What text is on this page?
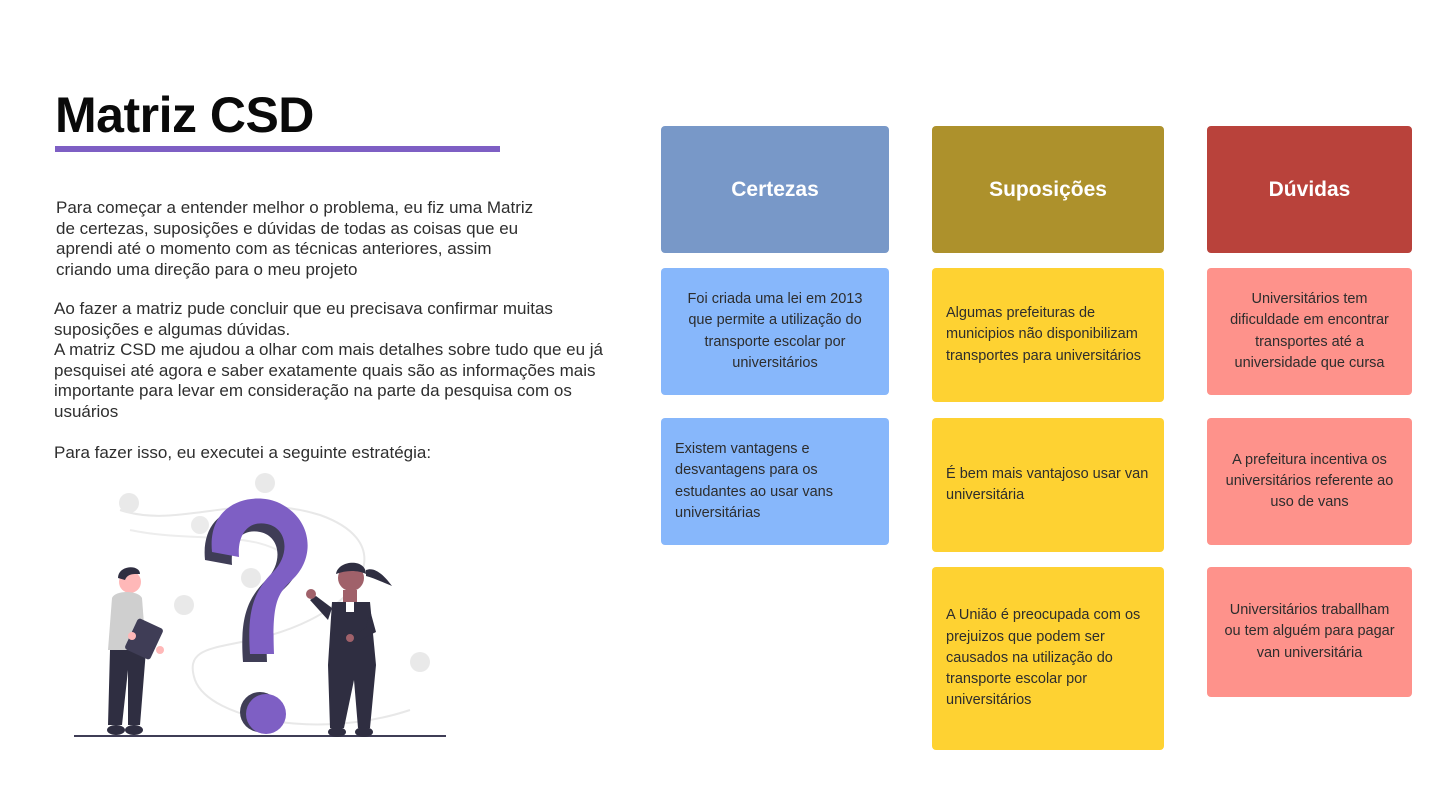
Matriz CSD

Para começar a entender melhor o problema, eu fiz uma Matriz
de certezas, suposições e dúvidas de todas as coisas que eu
aprendi até o momento com as técnicas anteriores, assim
criando uma direção para o meu projeto

Ao fazer a matriz pude concluir que eu precisava confirmar muitas
suposições e algumas dúvidas.
A matriz CSD me ajudou a olhar com mais detalhes sobre tudo que eu já
pesquisei até agora e saber exatamente quais são as informações mais
importante para levar em consideração na parte da pesquisa com os
usuários

Para fazer isso, eu executei a seguinte estratégia:

Certezas
Foi criada uma lei em 2013 que permite a utilização do transporte escolar por universitários
Existem vantagens e desvantagens para os estudantes ao usar vans universitárias
Suposições
Algumas prefeituras de municipios não disponibilizam transportes para universitários
É bem mais vantajoso usar van universitária
A União é preocupada com os prejuizos que podem ser causados na utilização do transporte escolar por universitários
Dúvidas
Universitários tem dificuldade em encontrar transportes até a universidade que cursa
A prefeitura incentiva os universitários referente ao uso de vans
Universitários traballham ou tem alguém para pagar van universitária
